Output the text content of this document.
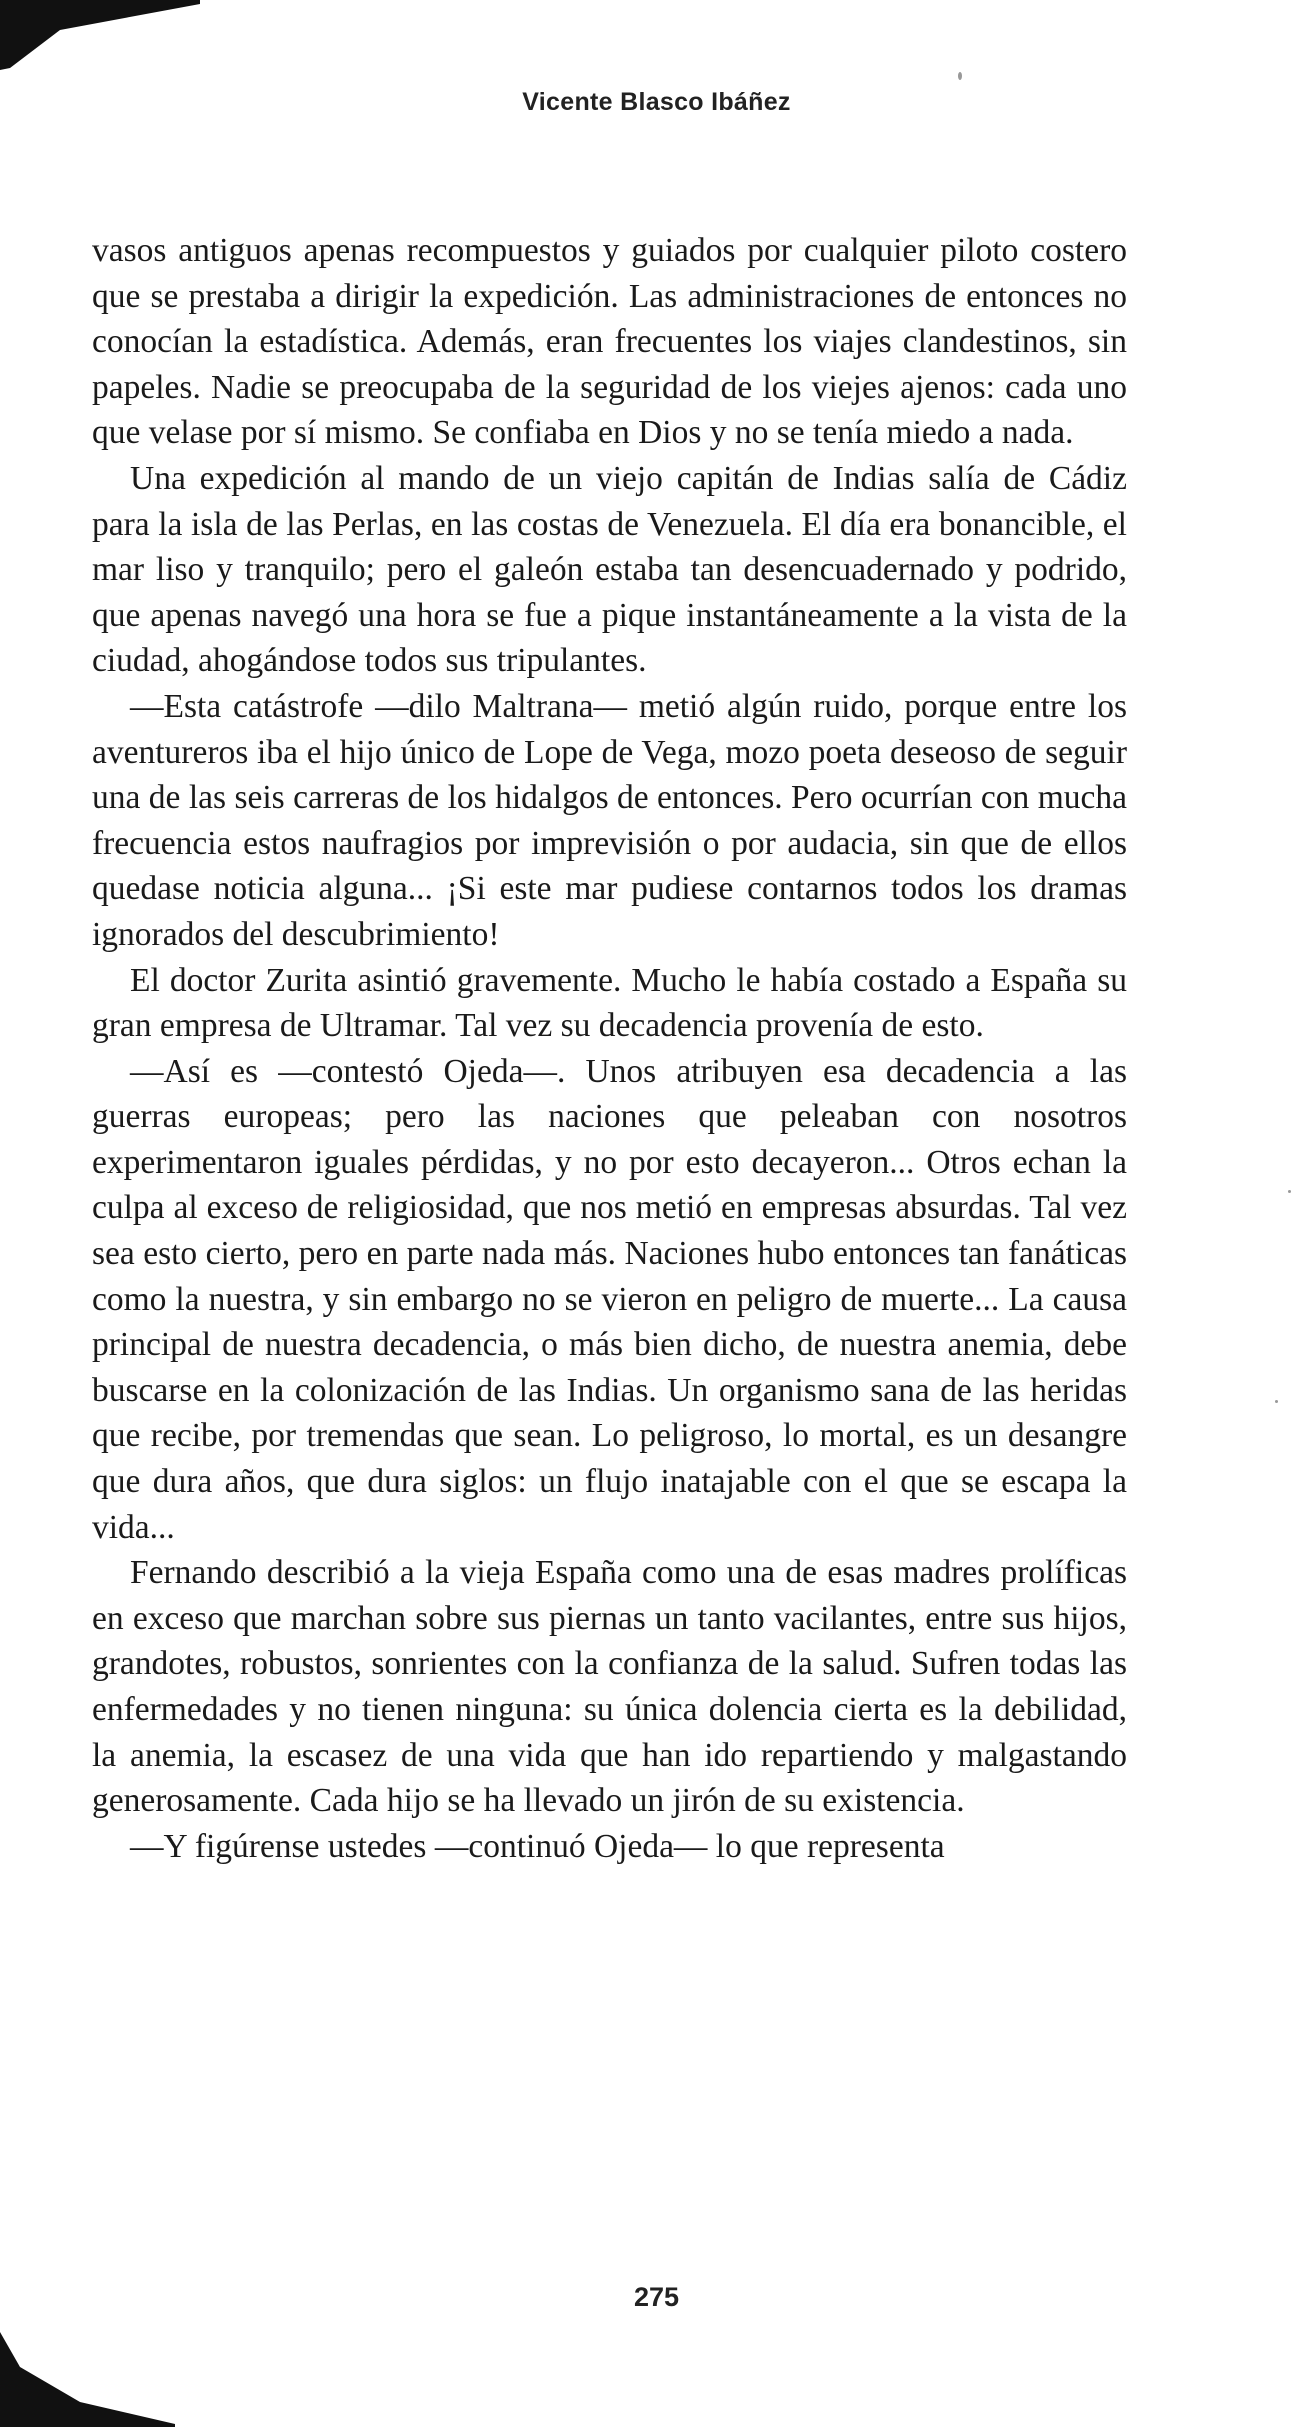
Vicente Blasco Ibáñez

vasos antiguos apenas recompuestos y guiados por cualquier piloto costero que se prestaba a dirigir la expedición. Las administraciones de entonces no conocían la estadística. Además, eran frecuentes los viajes clandestinos, sin papeles. Nadie se preocupaba de la seguridad de los viejes ajenos: cada uno que velase por sí mismo. Se confiaba en Dios y no se tenía miedo a nada.

Una expedición al mando de un viejo capitán de Indias salía de Cádiz para la isla de las Perlas, en las costas de Venezuela. El día era bonancible, el mar liso y tranquilo; pero el galeón estaba tan desencuadernado y podrido, que apenas navegó una hora se fue a pique instantáneamente a la vista de la ciudad, ahogándose todos sus tripulantes.

—Esta catástrofe —dilo Maltrana— metió algún ruido, porque entre los aventureros iba el hijo único de Lope de Vega, mozo poeta deseoso de seguir una de las seis carreras de los hidalgos de entonces. Pero ocurrían con mucha frecuencia estos naufragios por imprevisión o por audacia, sin que de ellos quedase noticia alguna... ¡Si este mar pudiese contarnos todos los dramas ignorados del descubrimiento!

El doctor Zurita asintió gravemente. Mucho le había costado a España su gran empresa de Ultramar. Tal vez su decadencia provenía de esto.

—Así es —contestó Ojeda—. Unos atribuyen esa decadencia a las guerras europeas; pero las naciones que peleaban con nosotros experimentaron iguales pérdidas, y no por esto decayeron... Otros echan la culpa al exceso de religiosidad, que nos metió en empresas absurdas. Tal vez sea esto cierto, pero en parte nada más. Naciones hubo entonces tan fanáticas como la nuestra, y sin embargo no se vieron en peligro de muerte... La causa principal de nuestra decadencia, o más bien dicho, de nuestra anemia, debe buscarse en la colonización de las Indias. Un organismo sana de las heridas que recibe, por tremendas que sean. Lo peligroso, lo mortal, es un desangre que dura años, que dura siglos: un flujo inatajable con el que se escapa la vida...

Fernando describió a la vieja España como una de esas madres prolíficas en exceso que marchan sobre sus piernas un tanto vacilantes, entre sus hijos, grandotes, robustos, sonrientes con la confianza de la salud. Sufren todas las enfermedades y no tienen ninguna: su única dolencia cierta es la debilidad, la anemia, la escasez de una vida que han ido repartiendo y malgastando generosamente. Cada hijo se ha llevado un jirón de su existencia.

—Y figúrense ustedes —continuó Ojeda— lo que representa

275
